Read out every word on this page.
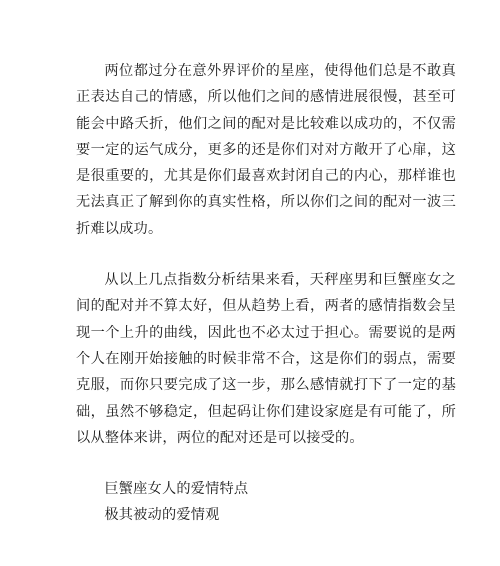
两位都过分在意外界评价的星座，使得他们总是不敢真正表达自己的情感，所以他们之间的感情进展很慢，甚至可能会中路夭折，他们之间的配对是比较难以成功的，不仅需要一定的运气成分，更多的还是你们对对方敞开了心扉，这是很重要的，尤其是你们最喜欢封闭自己的内心，那样谁也无法真正了解到你的真实性格，所以你们之间的配对一波三折难以成功。

从以上几点指数分析结果来看，天秤座男和巨蟹座女之间的配对并不算太好，但从趋势上看，两者的感情指数会呈现一个上升的曲线，因此也不必太过于担心。需要说的是两个人在刚开始接触的时候非常不合，这是你们的弱点，需要克服，而你只要完成了这一步，那么感情就打下了一定的基础，虽然不够稳定，但起码让你们建设家庭是有可能了，所以从整体来讲，两位的配对还是可以接受的。

巨蟹座女人的爱情特点

极其被动的爱情观
